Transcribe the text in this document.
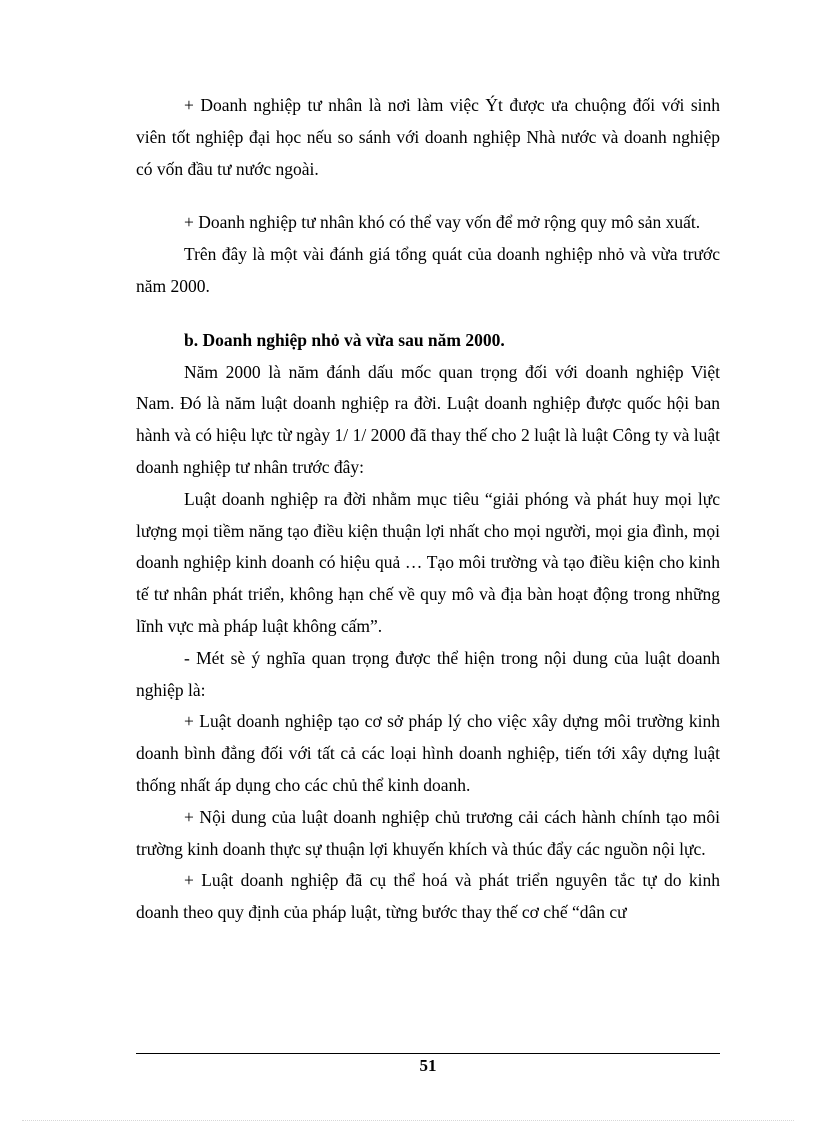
+ Doanh nghiệp tư nhân là nơi làm việc Ýt được ưa chuộng đối với sinh viên tốt nghiệp đại học nếu so sánh với doanh nghiệp Nhà nước và doanh nghiệp có vốn đầu tư nước ngoài.

+ Doanh nghiệp tư nhân khó có thể vay vốn để mở rộng quy mô sản xuất.

Trên đây là một vài đánh giá tổng quát của doanh nghiệp nhỏ và vừa trước năm 2000.

b. Doanh nghiệp nhỏ và vừa sau năm 2000.

Năm 2000 là năm đánh dấu mốc quan trọng đối với doanh nghiệp Việt Nam. Đó là năm luật doanh nghiệp ra đời. Luật doanh nghiệp được quốc hội ban hành và có hiệu lực từ ngày 1/ 1/ 2000 đã thay thế cho 2 luật là luật Công ty và luật doanh nghiệp tư nhân trước đây:

Luật doanh nghiệp ra đời nhằm mục tiêu “giải phóng và phát huy mọi lực lượng mọi tiềm năng tạo điều kiện thuận lợi nhất cho mọi người, mọi gia đình, mọi doanh nghiệp kinh doanh có hiệu quả … Tạo môi trường và tạo điều kiện cho kinh tế tư nhân phát triển, không hạn chế về quy mô và địa bàn hoạt động trong những lĩnh vực mà pháp luật không cấm”.

- Mét sè ý nghĩa quan trọng được thể hiện trong nội dung của luật doanh nghiệp là:

+ Luật doanh nghiệp tạo cơ sở pháp lý cho việc xây dựng môi trường kinh doanh bình đẳng đối với tất cả các loại hình doanh nghiệp, tiến tới xây dựng luật thống nhất áp dụng cho các chủ thể kinh doanh.

+ Nội dung của luật doanh nghiệp chủ trương cải cách hành chính tạo môi trường kinh doanh thực sự thuận lợi khuyến khích và thúc đẩy các nguồn nội lực.

+ Luật doanh nghiệp đã cụ thể hoá và phát triển nguyên tắc tự do kinh doanh theo quy định của pháp luật, từng bước thay thế cơ chế “dân cư

51
